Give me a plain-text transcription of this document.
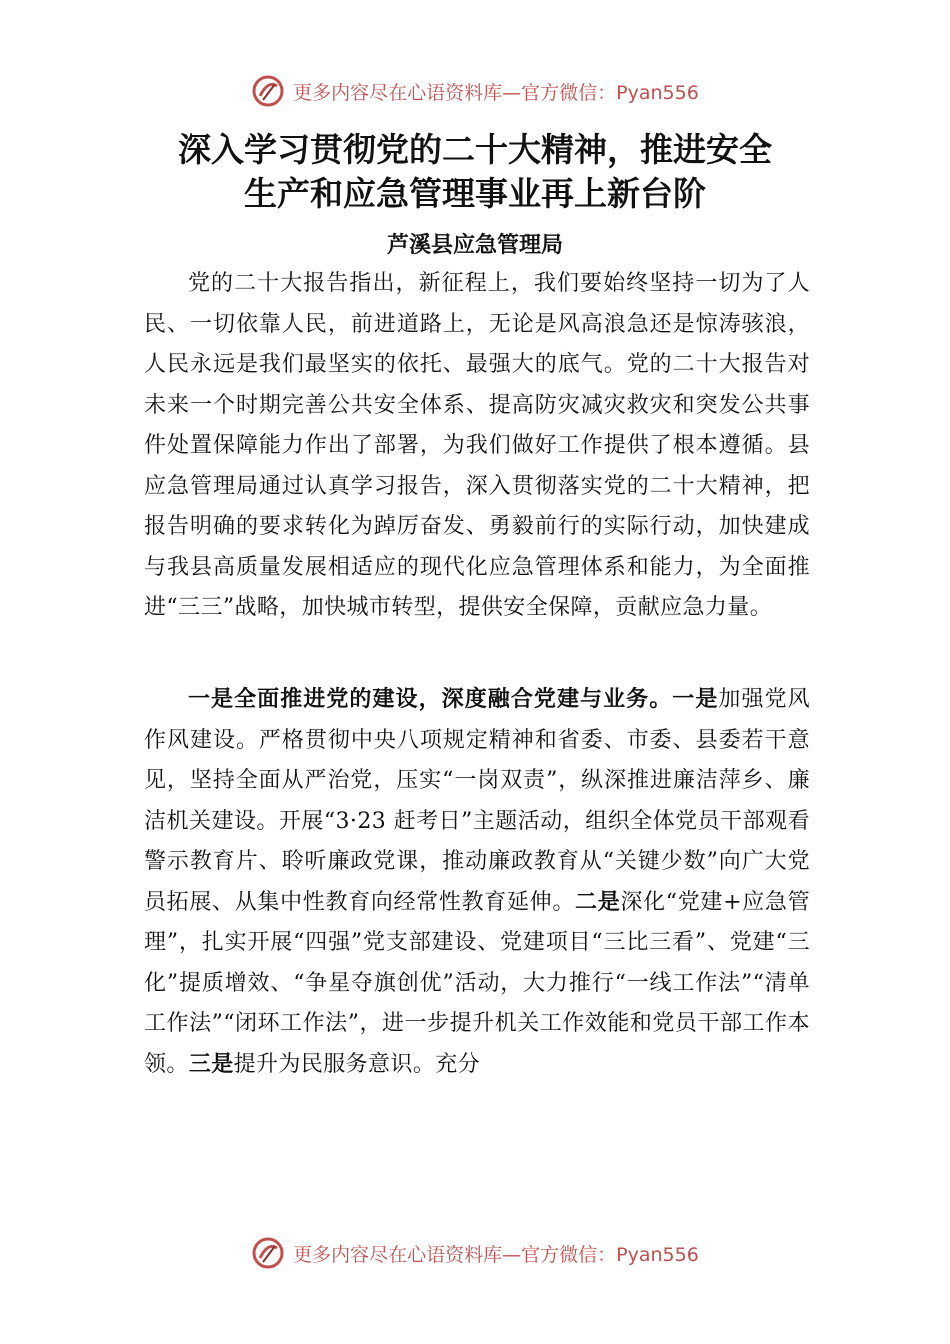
更多内容尽在心语资料库—官方微信：Pyan556
深入学习贯彻党的二十大精神，推进安全
生产和应急管理事业再上新台阶
芦溪县应急管理局

党的二十大报告指出，新征程上，我们要始终坚持一切为了人民、一切依靠人民，前进道路上，无论是风高浪急还是惊涛骇浪，人民永远是我们最坚实的依托、最强大的底气。党的二十大报告对未来一个时期完善公共安全体系、提高防灾减灾救灾和突发公共事件处置保障能力作出了部署，为我们做好工作提供了根本遵循。县应急管理局通过认真学习报告，深入贯彻落实党的二十大精神，把报告明确的要求转化为踔厉奋发、勇毅前行的实际行动，加快建成与我县高质量发展相适应的现代化应急管理体系和能力，为全面推进“三三”战略，加快城市转型，提供安全保障，贡献应急力量。

一是全面推进党的建设，深度融合党建与业务。一是加强党风作风建设。严格贯彻中央八项规定精神和省委、市委、县委若干意见，坚持全面从严治党，压实“一岗双责”，纵深推进廉洁萍乡、廉洁机关建设。开展“3·23 赶考日”主题活动，组织全体党员干部观看警示教育片、聆听廉政党课，推动廉政教育从“关键少数”向广大党员拓展、从集中性教育向经常性教育延伸。二是深化“党建+应急管理”，扎实开展“四强”党支部建设、党建项目“三比三看”、党建“三化”提质增效、“争星夺旗创优”活动，大力推行“一线工作法”“清单工作法”“闭环工作法”，进一步提升机关工作效能和党员干部工作本领。三是提升为民服务意识。充分

更多内容尽在心语资料库—官方微信：Pyan556
